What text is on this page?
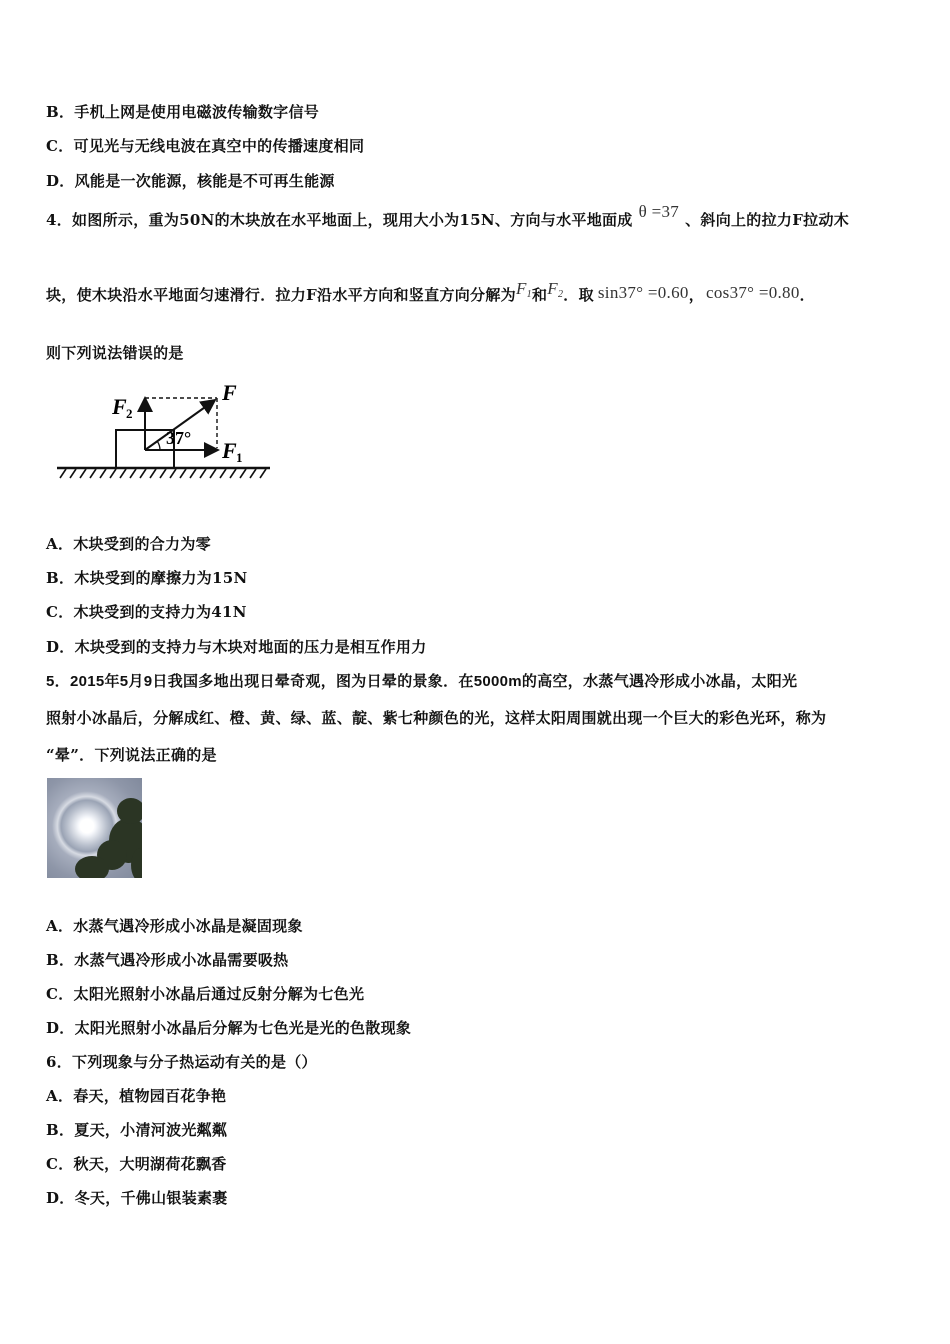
B．手机上网是使用电磁波传输数字信号
C．可见光与无线电波在真空中的传播速度相同
D．风能是一次能源，核能是不可再生能源
4．如图所示，重为50N的木块放在水平地面上，现用大小为15N、方向与水平地面成 θ =37 、斜向上的拉力F拉动木
块，使木块沿水平地面匀速滑行．拉力F沿水平方向和竖直方向分解为$F_1$和$F_2$．取 sin37° =0.60， cos37° =0.80．
则下列说法错误的是
F
F 1
F 2
37°
A．木块受到的合力为零
B．木块受到的摩擦力为15N
C．木块受到的支持力为41N
D．木块受到的支持力与木块对地面的压力是相互作用力
5．2015年5月9日我国多地出现日晕奇观，图为日晕的景象．在5000m的高空，水蒸气遇冷形成小冰晶，太阳光
照射小冰晶后，分解成红、橙、黄、绿、蓝、靛、紫七种颜色的光，这样太阳周围就出现一个巨大的彩色光环，称为
“晕”．下列说法正确的是
A．水蒸气遇冷形成小冰晶是凝固现象
B．水蒸气遇冷形成小冰晶需要吸热
C．太阳光照射小冰晶后通过反射分解为七色光
D．太阳光照射小冰晶后分解为七色光是光的色散现象
6．下列现象与分子热运动有关的是（）
A．春天，植物园百花争艳
B．夏天，小清河波光粼粼
C．秋天，大明湖荷花飘香
D．冬天，千佛山银装素裹
